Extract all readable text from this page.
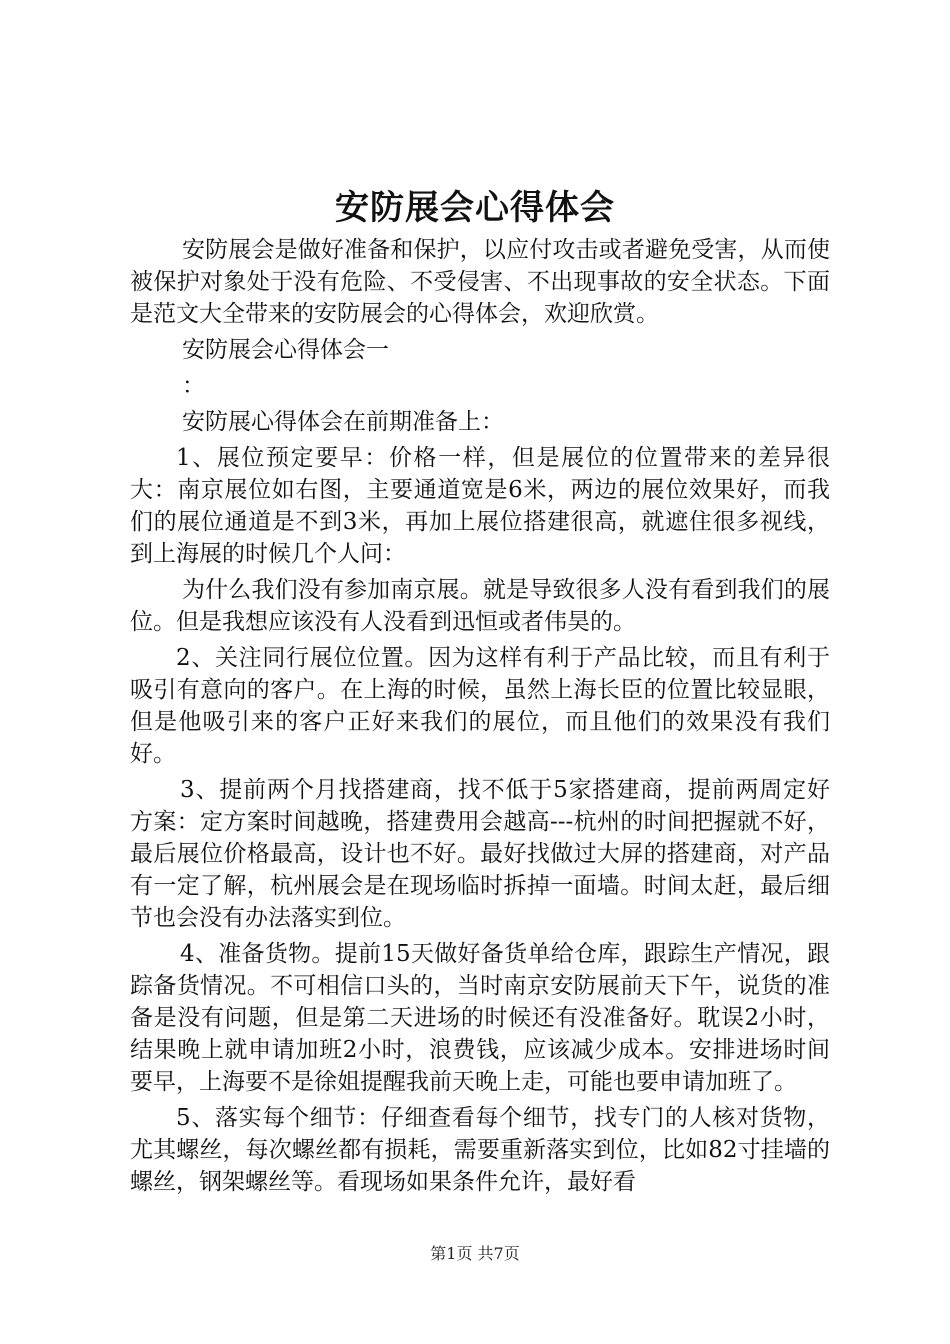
安防展会心得体会

安防展会是做好准备和保护，以应付攻击或者避免受害，从而使被保护对象处于没有危险、不受侵害、不出现事故的安全状态。下面是范文大全带来的安防展会的心得体会，欢迎欣赏。

安防展会心得体会一

：

安防展心得体会在前期准备上：

1、展位预定要早：价格一样，但是展位的位置带来的差异很大：南京展位如右图，主要通道宽是6米，两边的展位效果好，而我们的展位通道是不到3米，再加上展位搭建很高，就遮住很多视线，到上海展的时候几个人问：

为什么我们没有参加南京展。就是导致很多人没有看到我们的展位。但是我想应该没有人没看到迅恒或者伟昊的。

2、关注同行展位位置。因为这样有利于产品比较，而且有利于吸引有意向的客户。在上海的时候，虽然上海长臣的位置比较显眼，但是他吸引来的客户正好来我们的展位，而且他们的效果没有我们好。

3、提前两个月找搭建商，找不低于5家搭建商，提前两周定好方案：定方案时间越晚，搭建费用会越高---杭州的时间把握就不好，最后展位价格最高，设计也不好。最好找做过大屏的搭建商，对产品有一定了解，杭州展会是在现场临时拆掉一面墙。时间太赶，最后细节也会没有办法落实到位。

4、准备货物。提前15天做好备货单给仓库，跟踪生产情况，跟踪备货情况。不可相信口头的，当时南京安防展前天下午，说货的准备是没有问题，但是第二天进场的时候还有没准备好。耽误2小时，结果晚上就申请加班2小时，浪费钱，应该减少成本。安排进场时间要早，上海要不是徐姐提醒我前天晚上走，可能也要申请加班了。

5、落实每个细节：仔细查看每个细节，找专门的人核对货物，尤其螺丝，每次螺丝都有损耗，需要重新落实到位，比如82寸挂墙的螺丝，钢架螺丝等。看现场如果条件允许，最好看

第1页 共7页
